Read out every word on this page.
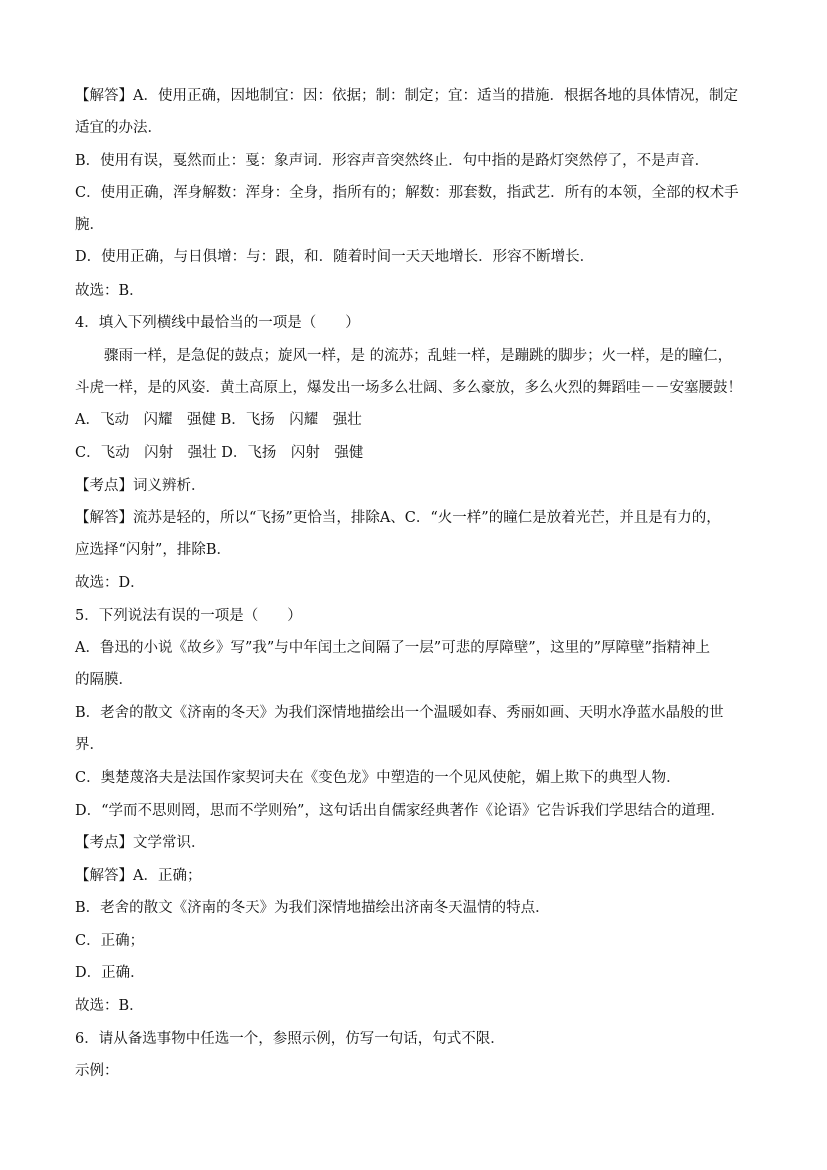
【解答】A．使用正确，因地制宜：因：依据；制：制定；宜：适当的措施．根据各地的具体情况，制定
适宜的办法．
B．使用有误，戛然而止：戛：象声词．形容声音突然终止．句中指的是路灯突然停了，不是声音．
C．使用正确，浑身解数：浑身：全身，指所有的；解数：那套数，指武艺．所有的本领，全部的权术手
腕．
D．使用正确，与日俱增：与：跟，和．随着时间一天天地增长．形容不断增长．
故选：B．
4．填入下列横线中最恰当的一项是（　　）
骤雨一样，是急促的鼓点；旋风一样，是 的流苏；乱蛙一样，是蹦跳的脚步；火一样，是的瞳仁，
斗虎一样，是的风姿．黄土高原上，爆发出一场多么壮阔、多么豪放，多么火烈的舞蹈哇－－安塞腰鼓！
A．飞动　闪耀　强健 B．飞扬　闪耀　强壮
C．飞动　闪射　强壮 D．飞扬　闪射　强健
【考点】词义辨析．
【解答】流苏是轻的，所以“飞扬”更恰当，排除A、C．“火一样”的瞳仁是放着光芒，并且是有力的，
应选择“闪射”，排除B．
故选：D．
5．下列说法有误的一项是（　　）
A．鲁迅的小说《故乡》写”我”与中年闰土之间隔了一层”可悲的厚障壁”，这里的”厚障壁”指精神上
的隔膜．
B．老舍的散文《济南的冬天》为我们深情地描绘出一个温暖如春、秀丽如画、天明水净蓝水晶般的世
界．
C．奥楚蔑洛夫是法国作家契诃夫在《变色龙》中塑造的一个见风使舵，媚上欺下的典型人物．
D．“学而不思则罔，思而不学则殆”，这句话出自儒家经典著作《论语》它告诉我们学思结合的道理．
【考点】文学常识．
【解答】A．正确；
B．老舍的散文《济南的冬天》为我们深情地描绘出济南冬天温情的特点．
C．正确；
D．正确．
故选：B．
6．请从备选事物中任选一个，参照示例，仿写一句话，句式不限．
示例：
